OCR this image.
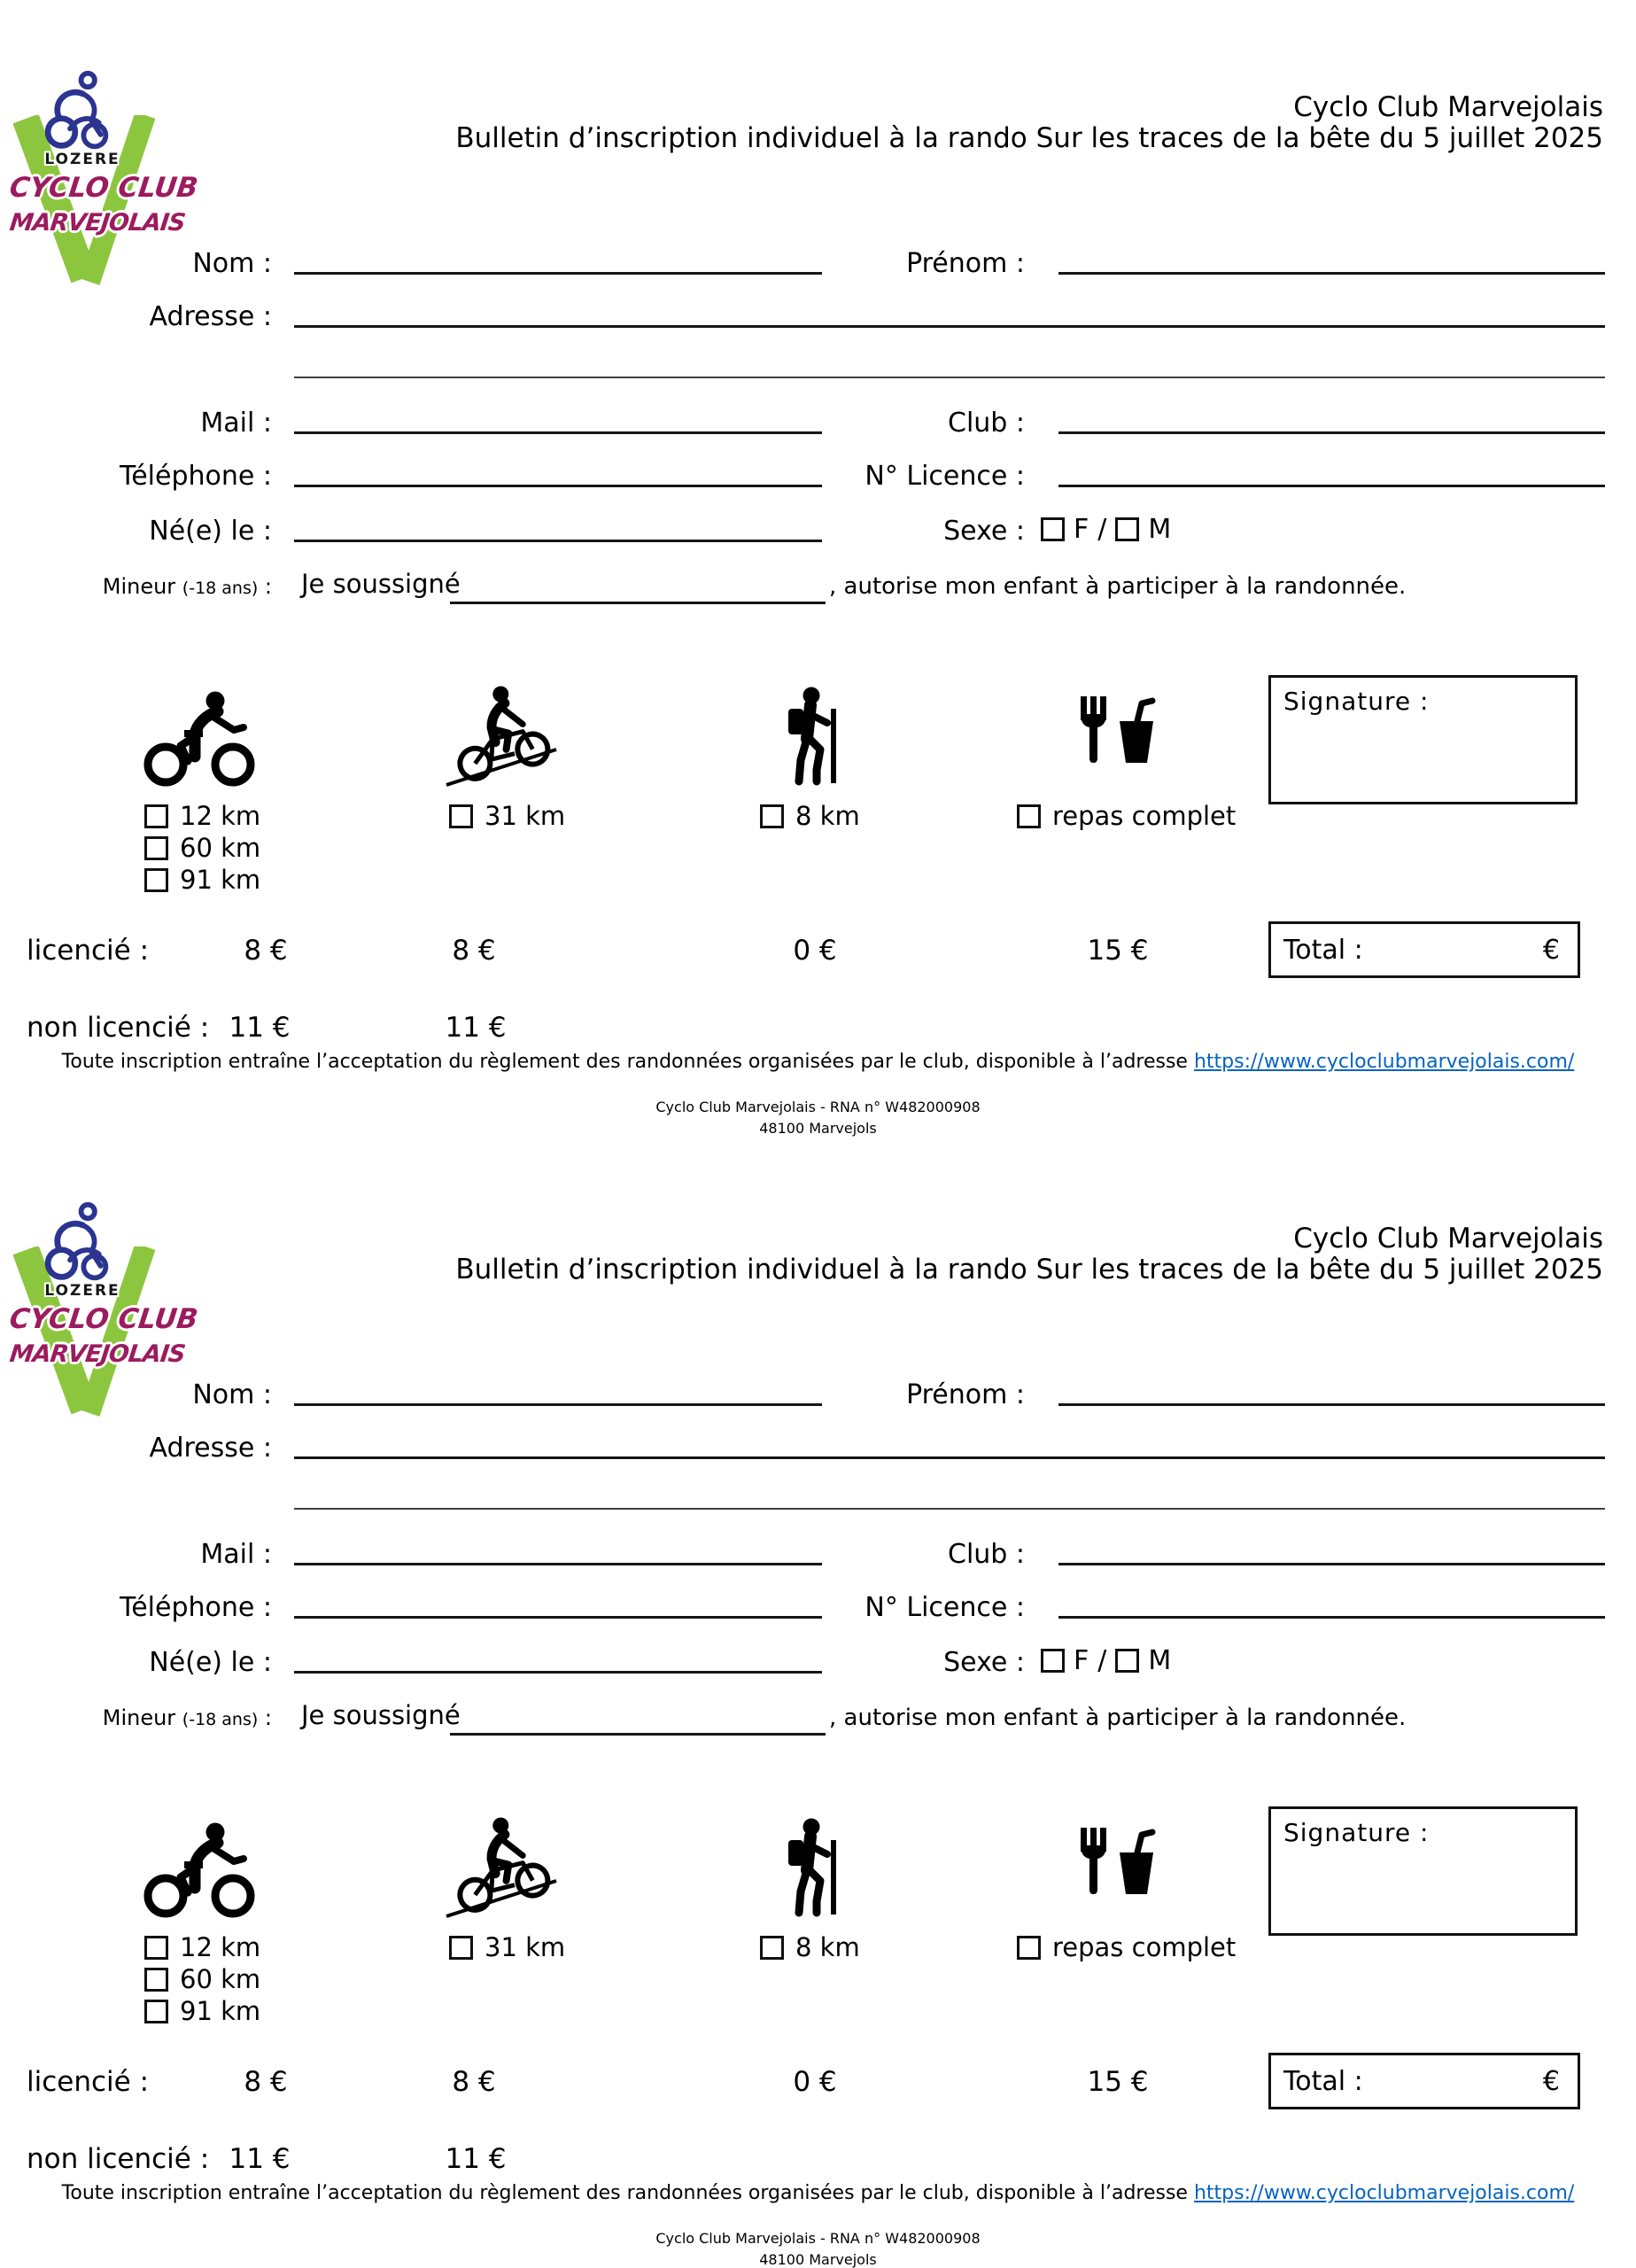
LOZERE
CYCLO CLUB
MARVEJOLAIS
Cyclo Club Marvejolais
Bulletin d’inscription individuel à la rando Sur les traces de la bête du 5 juillet 2025
Nom :	Prénom :
Adresse :
Mail :	Club :
Téléphone :	N° Licence :
Né(e) le :	Sexe : F / M
Mineur (-18 ans) : Je soussigné	, autorise mon enfant à participer à la randonnée.
12 km
60 km
91 km
31 km	8 km	repas complet
Signature :
licencié :	8 €	8 €	0 €	15 €	Total :	€
non licencié : 11 €	11 €
Toute inscription entraîne l’acceptation du règlement des randonnées organisées par le club, disponible à l’adresse https://www.cycloclubmarvejolais.com/
Cyclo Club Marvejolais - RNA n° W482000908
48100 Marvejols
LOZERE
CYCLO CLUB
MARVEJOLAIS
Cyclo Club Marvejolais
Bulletin d’inscription individuel à la rando Sur les traces de la bête du 5 juillet 2025
Nom :	Prénom :
Adresse :
Mail :	Club :
Téléphone :	N° Licence :
Né(e) le :	Sexe : F / M
Mineur (-18 ans) : Je soussigné	, autorise mon enfant à participer à la randonnée.
12 km
60 km
91 km
31 km	8 km	repas complet
Signature :
licencié :	8 €	8 €	0 €	15 €	Total :	€
non licencié : 11 €	11 €
Toute inscription entraîne l’acceptation du règlement des randonnées organisées par le club, disponible à l’adresse https://www.cycloclubmarvejolais.com/
Cyclo Club Marvejolais - RNA n° W482000908
48100 Marvejols
